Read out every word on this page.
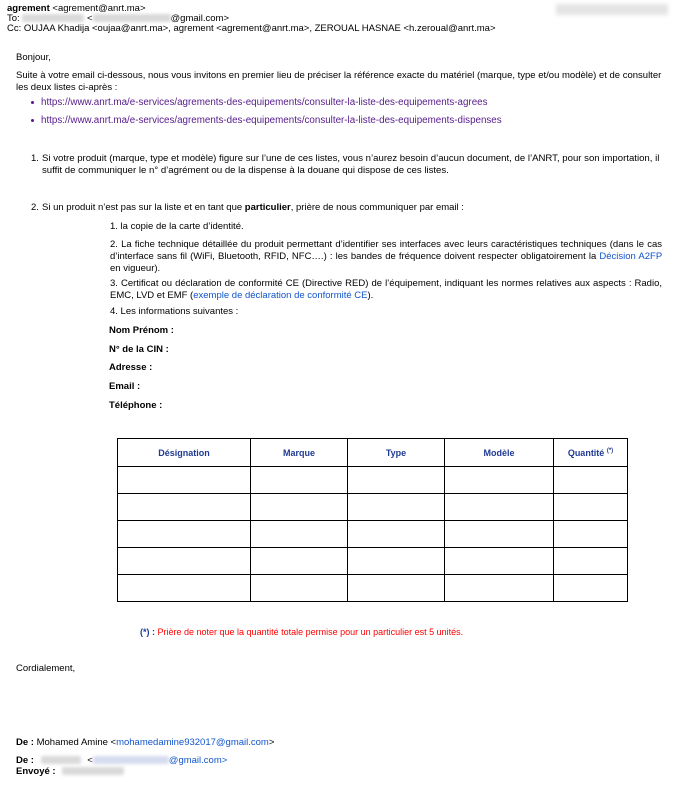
agrement <agrement@anrt.ma>
To:	<	@gmail.com>
Cc: OUJAA Khadija <oujaa@anrt.ma>, agrement <agrement@anrt.ma>, ZEROUAL HASNAE <h.zeroual@anrt.ma>
Bonjour,
Suite à votre email ci-dessous, nous vous invitons en premier lieu de préciser la référence exacte du matériel (marque, type et/ou modèle) et de consulter les deux listes ci-après :
https://www.anrt.ma/e-services/agrements-des-equipements/consulter-la-liste-des-equipements-agrees
https://www.anrt.ma/e-services/agrements-des-equipements/consulter-la-liste-des-equipements-dispenses
1. Si votre produit (marque, type et modèle) figure sur l’une de ces listes, vous n’aurez besoin d’aucun document, de l’ANRT, pour son importation, il suffit de communiquer le n° d’agrément ou de la dispense à la douane qui dispose de ces listes.
2. Si un produit n’est pas sur la liste et en tant que particulier, prière de nous communiquer par email :
1. la copie de la carte d’identité.
2. La fiche technique détaillée du produit permettant d’identifier ses interfaces avec leurs caractéristiques techniques (dans le cas d’interface sans fil (WiFi, Bluetooth, RFID, NFC….) : les bandes de fréquence doivent respecter obligatoirement la Décision A2FP en vigueur).
3. Certificat ou déclaration de conformité CE (Directive RED) de l’équipement, indiquant les normes relatives aux aspects : Radio, EMC, LVD et EMF (exemple de déclaration de conformité CE).
4. Les informations suivantes :
Nom Prénom :
N° de la CIN :
Adresse :
Email :
Téléphone :
Désignation	Marque	Type	Modèle	Quantité (*)

(*) : Prière de noter que la quantité totale permise pour un particulier est 5 unités.
Cordialement,
De : Mohamed Amine <mohamedamine932017@gmail.com>
De :	<	@gmail.com>
Envoyé :
